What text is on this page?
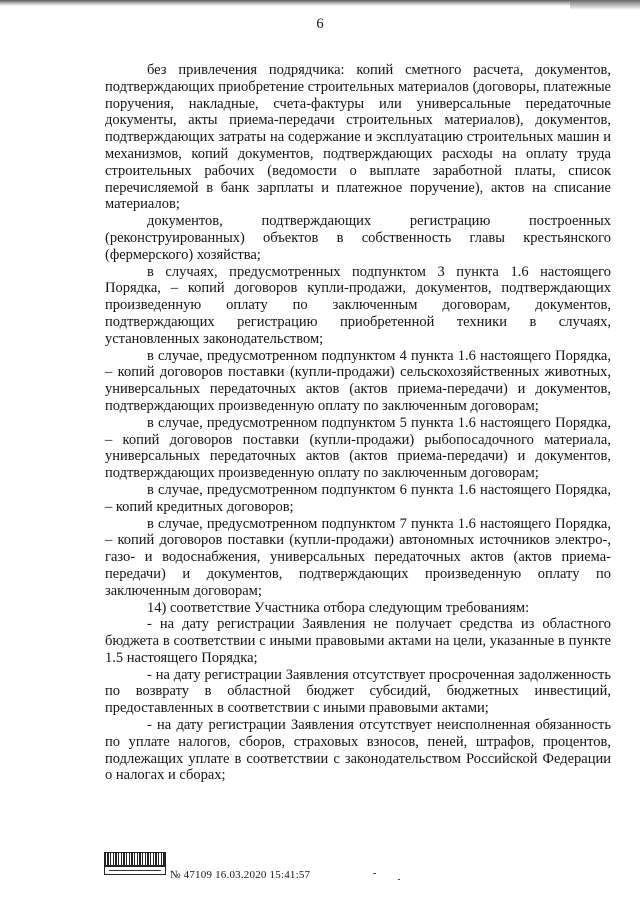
6

без привлечения подрядчика: копий сметного расчета, документов, подтверждающих приобретение строительных материалов (договоры, платежные поручения, накладные, счета-фактуры или универсальные передаточные документы, акты приема-передачи строительных материалов), документов, подтверждающих затраты на содержание и эксплуатацию строительных машин и механизмов, копий документов, подтверждающих расходы на оплату труда строительных рабочих (ведомости о выплате заработной платы, список перечисляемой в банк зарплаты и платежное поручение), актов на списание материалов;

документов, подтверждающих регистрацию построенных (реконструированных) объектов в собственность главы крестьянского (фермерского) хозяйства;

в случаях, предусмотренных подпунктом 3 пункта 1.6 настоящего Порядка, – копий договоров купли-продажи, документов, подтверждающих произведенную оплату по заключенным договорам, документов, подтверждающих регистрацию приобретенной техники в случаях, установленных законодательством;

в случае, предусмотренном подпунктом 4 пункта 1.6 настоящего Порядка, – копий договоров поставки (купли-продажи) сельскохозяйственных животных, универсальных передаточных актов (актов приема-передачи) и документов, подтверждающих произведенную оплату по заключенным договорам;

в случае, предусмотренном подпунктом 5 пункта 1.6 настоящего Порядка, – копий договоров поставки (купли-продажи) рыбопосадочного материала, универсальных передаточных актов (актов приема-передачи) и документов, подтверждающих произведенную оплату по заключенным договорам;

в случае, предусмотренном подпунктом 6 пункта 1.6 настоящего Порядка, – копий кредитных договоров;

в случае, предусмотренном подпунктом 7 пункта 1.6 настоящего Порядка, – копий договоров поставки (купли-продажи) автономных источников электро-, газо- и водоснабжения, универсальных передаточных актов (актов приема-передачи) и документов, подтверждающих произведенную оплату по заключенным договорам;

14) соответствие Участника отбора следующим требованиям:

- на дату регистрации Заявления не получает средства из областного бюджета в соответствии с иными правовыми актами на цели, указанные в пункте 1.5 настоящего Порядка;

- на дату регистрации Заявления отсутствует просроченная задолженность по возврату в областной бюджет субсидий, бюджетных инвестиций, предоставленных в соответствии с иными правовыми актами;

- на дату регистрации Заявления отсутствует неисполненная обязанность по уплате налогов, сборов, страховых взносов, пеней, штрафов, процентов, подлежащих уплате в соответствии с законодательством Российской Федерации о налогах и сборах;

№ 47109 16.03.2020 15:41:57
